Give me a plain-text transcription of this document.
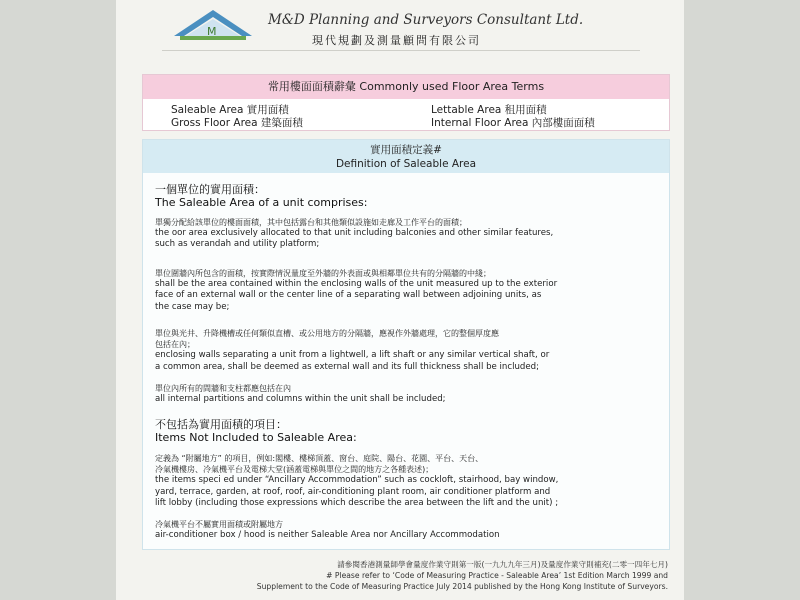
M
M&D Planning and Surveyors Consultant Ltd.
現代規劃及測量顧問有限公司
常用樓面面積辭彙 Commonly used Floor Area Terms
Saleable Area 實用面積	Lettable Area 租用面積
Gross Floor Area 建築面積	Internal Floor Area 內部樓面面積
實用面積定義#
Definition of Saleable Area
一個單位的實用面積：
The Saleable Area of a unit comprises:
單獨分配給該單位的樓面面積，其中包括露台和其他類似設施如走廊及工作平台的面積；
the oor area exclusively allocated to that unit including balconies and other similar features,
such as verandah and utility platform;
單位圍牆內所包含的面積，按實際情況量度至外牆的外表面或與相鄰單位共有的分隔牆的中綫；
shall be the area contained within the enclosing walls of the unit measured up to the exterior
face of an external wall or the center line of a separating wall between adjoining units, as
the case may be;
單位與光井、升降機槽或任何類似直槽、或公用地方的分隔牆，應視作外牆處理，它的整個厚度應
包括在內；
enclosing walls separating a unit from a lightwell, a lift shaft or any similar vertical shaft, or
a common area, shall be deemed as external wall and its full thickness shall be included;
單位內所有的間牆和支柱都應包括在內
all internal partitions and columns within the unit shall be included;
不包括為實用面積的項目：
Items Not Included to Saleable Area:
定義為 “附屬地方” 的項目，例如:閣樓、樓梯頂蓋、窗台、庭院、陽台、花園、平台、天台、
冷氣機樓房、冷氣機平台及電梯大堂(涵蓋電梯與單位之間的地方之各種表述)；
the items speci ed under “Ancillary Accommodation” such as cockloft, stairhood, bay window,
yard, terrace, garden, at roof, roof, air-conditioning plant room, air conditioner platform and
lift lobby (including those expressions which describe the area between the lift and the unit) ;
冷氣機平台不屬實用面積或附屬地方
air-conditioner box / hood is neither Saleable Area nor Ancillary Accommodation
請參閱香港測量師學會量度作業守則第一版(一九九九年三月)及量度作業守則補充(二零一四年七月)
# Please refer to ‘Code of Measuring Practice - Saleable Area’ 1st Edition March 1999 and
Supplement to the Code of Measuring Practice July 2014 published by the Hong Kong Institute of Surveyors.
